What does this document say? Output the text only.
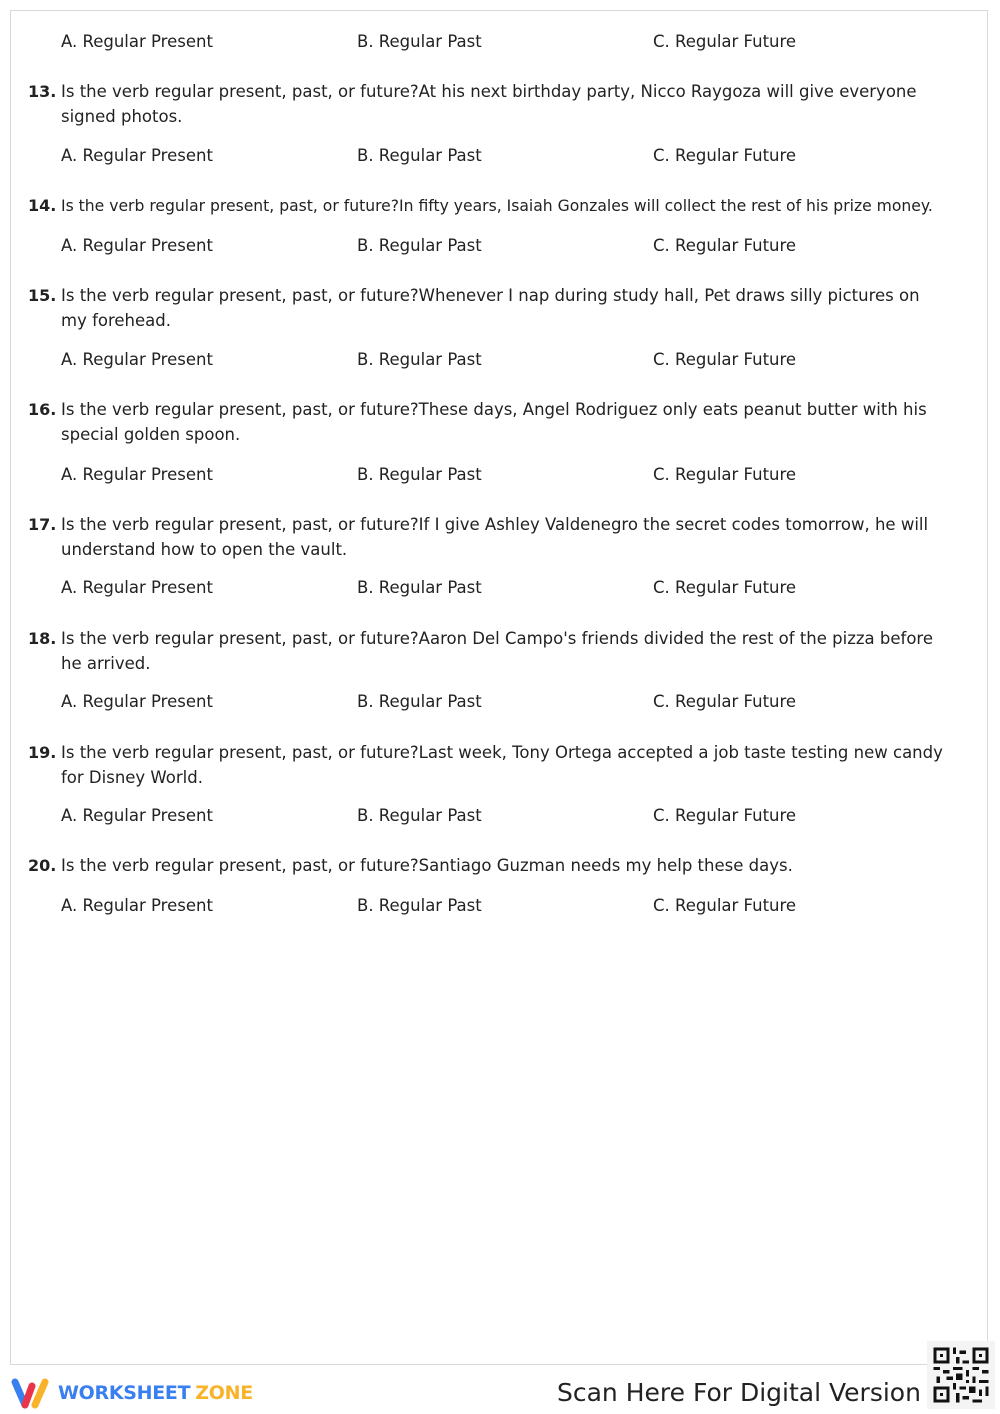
A. Regular Present	B. Regular Past	C. Regular Future
13. Is the verb regular present, past, or future?At his next birthday party, Nicco Raygoza will give everyone signed photos.
A. Regular Present	B. Regular Past	C. Regular Future
14. Is the verb regular present, past, or future?In fifty years, Isaiah Gonzales will collect the rest of his prize money.
A. Regular Present	B. Regular Past	C. Regular Future
15. Is the verb regular present, past, or future?Whenever I nap during study hall, Pet draws silly pictures on my forehead.
A. Regular Present	B. Regular Past	C. Regular Future
16. Is the verb regular present, past, or future?These days, Angel Rodriguez only eats peanut butter with his special golden spoon.
A. Regular Present	B. Regular Past	C. Regular Future
17. Is the verb regular present, past, or future?If I give Ashley Valdenegro the secret codes tomorrow, he will understand how to open the vault.
A. Regular Present	B. Regular Past	C. Regular Future
18. Is the verb regular present, past, or future?Aaron Del Campo's friends divided the rest of the pizza before he arrived.
A. Regular Present	B. Regular Past	C. Regular Future
19. Is the verb regular present, past, or future?Last week, Tony Ortega accepted a job taste testing new candy for Disney World.
A. Regular Present	B. Regular Past	C. Regular Future
20. Is the verb regular present, past, or future?Santiago Guzman needs my help these days.
A. Regular Present	B. Regular Past	C. Regular Future
WORKSHEET ZONE	Scan Here For Digital Version
